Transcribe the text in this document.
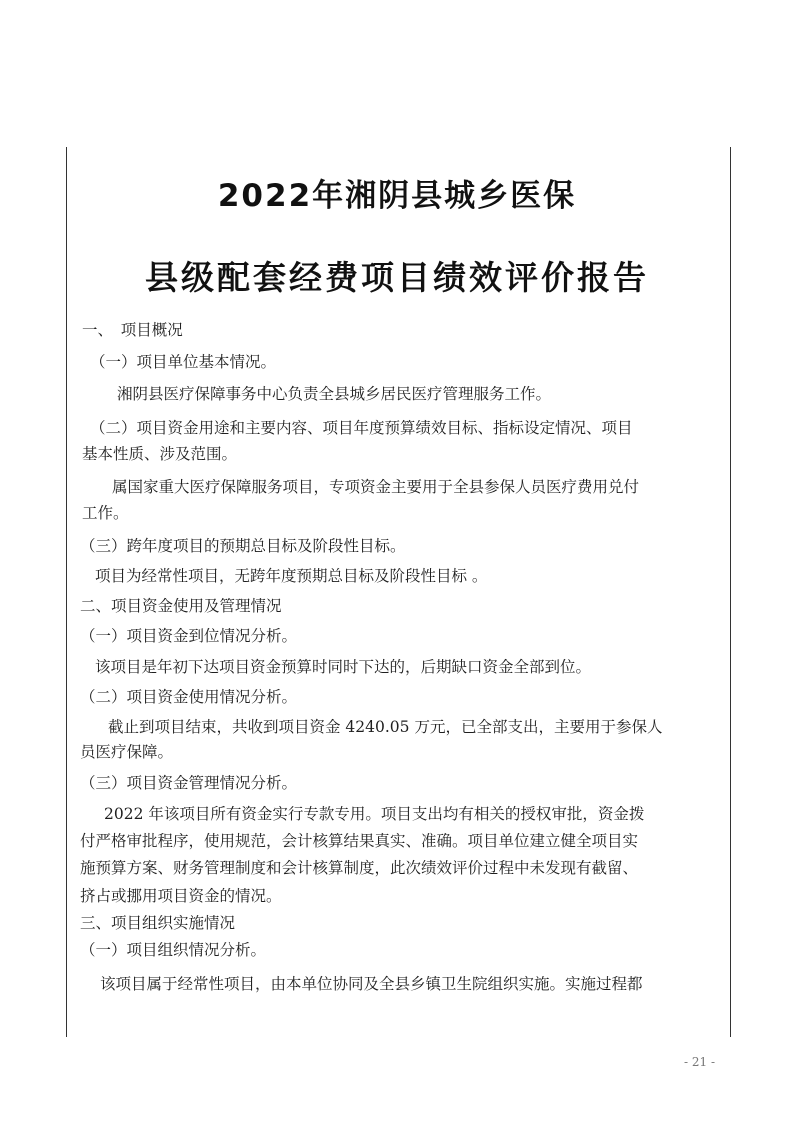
2022年湘阴县城乡医保
县级配套经费项目绩效评价报告
一、　项目概况
（一）项目单位基本情况。
湘阴县医疗保障事务中心负责全县城乡居民医疗管理服务工作。
（二）项目资金用途和主要内容、项目年度预算绩效目标、指标设定情况、项目
基本性质、涉及范围。
属国家重大医疗保障服务项目，专项资金主要用于全县参保人员医疗费用兑付
工作。
（三）跨年度项目的预期总目标及阶段性目标。
项目为经常性项目，无跨年度预期总目标及阶段性目标 。
二、项目资金使用及管理情况
（一）项目资金到位情况分析。
该项目是年初下达项目资金预算时同时下达的，后期缺口资金全部到位。
（二）项目资金使用情况分析。
截止到项目结束，共收到项目资金 4240.05 万元，已全部支出，主要用于参保人
员医疗保障。
（三）项目资金管理情况分析。
2022 年该项目所有资金实行专款专用。项目支出均有相关的授权审批，资金拨
付严格审批程序，使用规范，会计核算结果真实、准确。项目单位建立健全项目实
施预算方案、财务管理制度和会计核算制度，此次绩效评价过程中未发现有截留、
挤占或挪用项目资金的情况。
三、项目组织实施情况
（一）项目组织情况分析。
该项目属于经常性项目，由本单位协同及全县乡镇卫生院组织实施。实施过程都
- 21 -
